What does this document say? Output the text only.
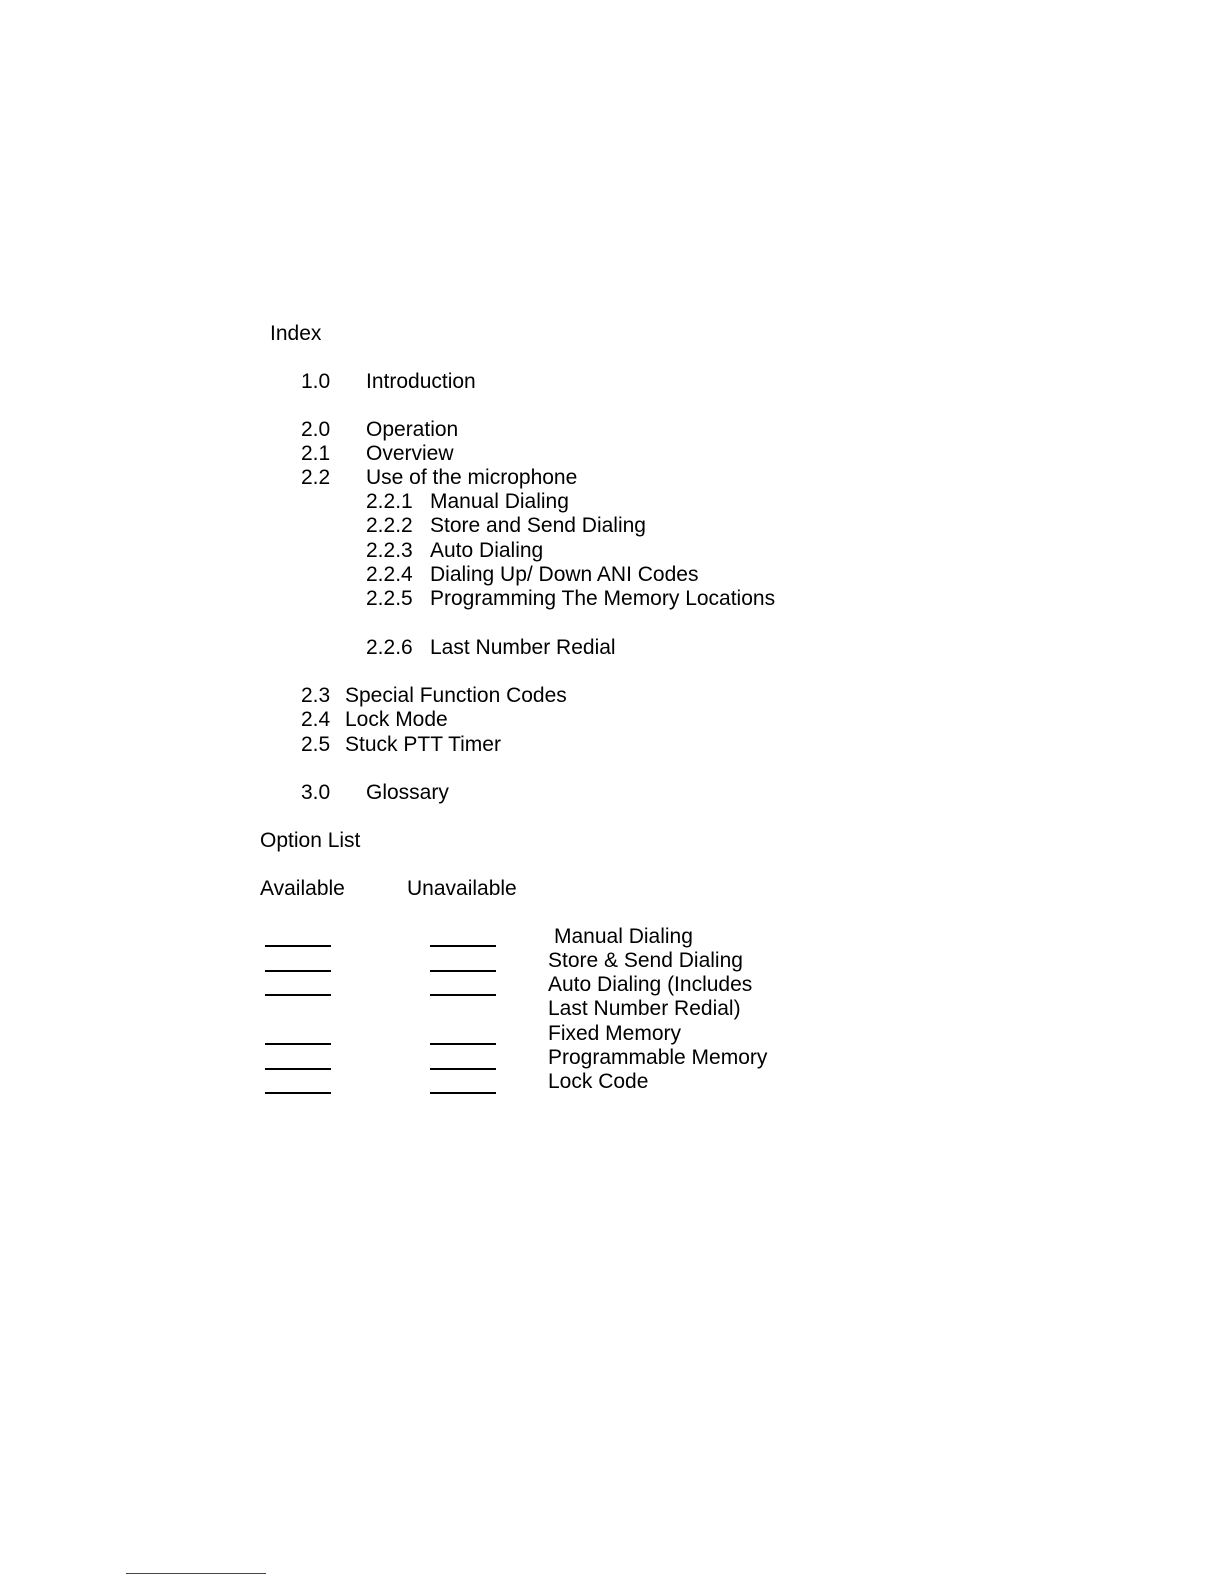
Index
1.0 Introduction
2.0 Operation
2.1 Overview
2.2 Use of the microphone
2.2.1 Manual Dialing
2.2.2 Store and Send Dialing
2.2.3 Auto Dialing
2.2.4 Dialing Up/ Down ANI Codes
2.2.5 Programming The Memory Locations
2.2.6 Last Number Redial
2.3 Special Function Codes
2.4 Lock Mode
2.5 Stuck PTT Timer
3.0 Glossary
Option List
Available	Unavailable
Manual Dialing
Store & Send Dialing
Auto Dialing (Includes
Last Number Redial)
Fixed Memory
Programmable Memory
Lock Code
